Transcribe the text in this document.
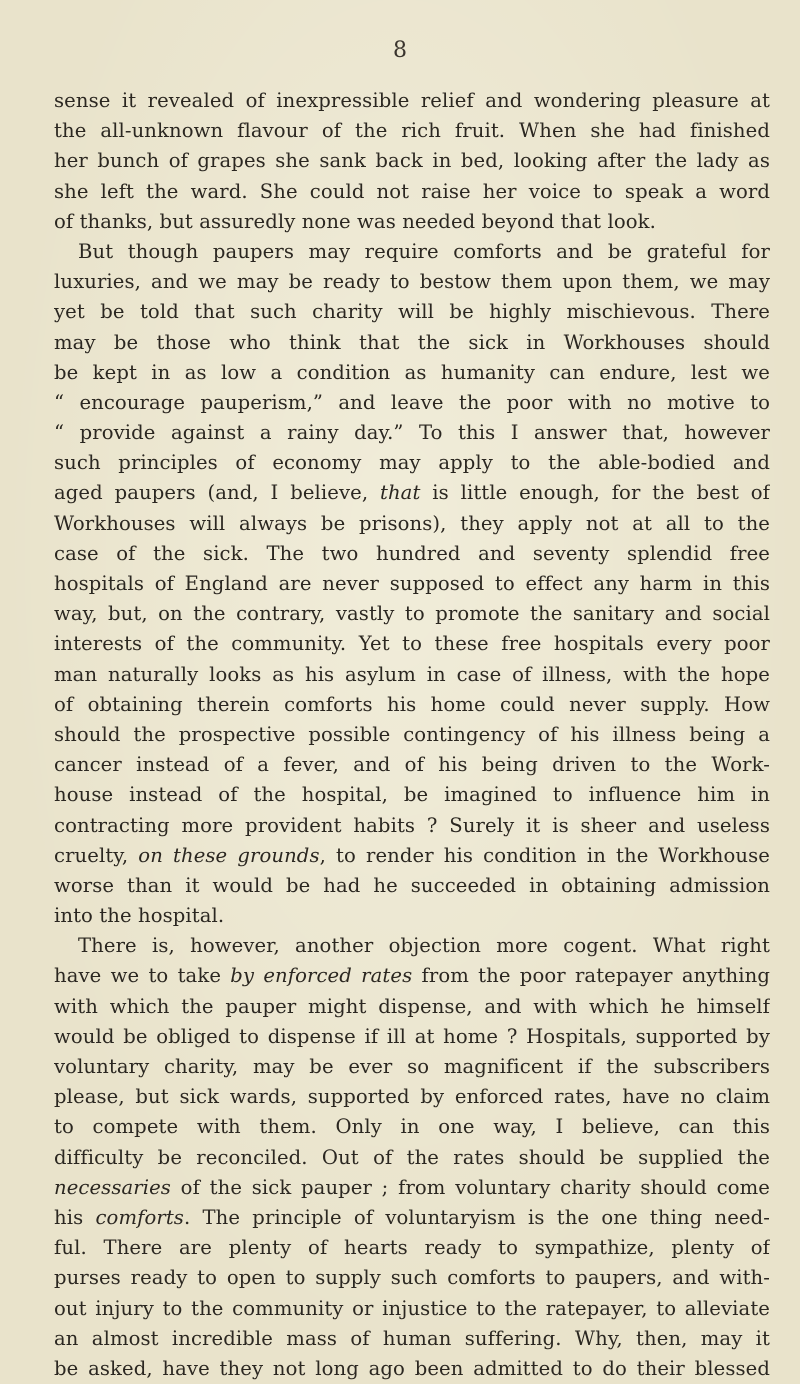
8
sense it revealed of inexpressible relief and wondering pleasure at
the all-unknown flavour of the rich fruit. When she had finished
her bunch of grapes she sank back in bed, looking after the lady as
she left the ward. She could not raise her voice to speak a word
of thanks, but assuredly none was needed beyond that look.
But though paupers may require comforts and be grateful for
luxuries, and we may be ready to bestow them upon them, we may
yet be told that such charity will be highly mischievous. There
may be those who think that the sick in Workhouses should
be kept in as low a condition as humanity can endure, lest we
“ encourage pauperism,” and leave the poor with no motive to
“ provide against a rainy day.” To this I answer that, however
such principles of economy may apply to the able-bodied and
aged paupers (and, I believe, that is little enough, for the best of
Workhouses will always be prisons), they apply not at all to the
case of the sick. The two hundred and seventy splendid free
hospitals of England are never supposed to effect any harm in this
way, but, on the contrary, vastly to promote the sanitary and social
interests of the community. Yet to these free hospitals every poor
man naturally looks as his asylum in case of illness, with the hope
of obtaining therein comforts his home could never supply. How
should the prospective possible contingency of his illness being a
cancer instead of a fever, and of his being driven to the Work-
house instead of the hospital, be imagined to influence him in
contracting more provident habits ? Surely it is sheer and useless
cruelty, on these grounds, to render his condition in the Workhouse
worse than it would be had he succeeded in obtaining admission
into the hospital.
There is, however, another objection more cogent. What right
have we to take by enforced rates from the poor ratepayer anything
with which the pauper might dispense, and with which he himself
would be obliged to dispense if ill at home ? Hospitals, supported by
voluntary charity, may be ever so magnificent if the subscribers
please, but sick wards, supported by enforced rates, have no claim
to compete with them. Only in one way, I believe, can this
difficulty be reconciled. Out of the rates should be supplied the
necessaries of the sick pauper ; from voluntary charity should come
his comforts. The principle of voluntaryism is the one thing need-
ful. There are plenty of hearts ready to sympathize, plenty of
purses ready to open to supply such comforts to paupers, and with-
out injury to the community or injustice to the ratepayer, to alleviate
an almost incredible mass of human suffering. Why, then, may it
be asked, have they not long ago been admitted to do their blessed
